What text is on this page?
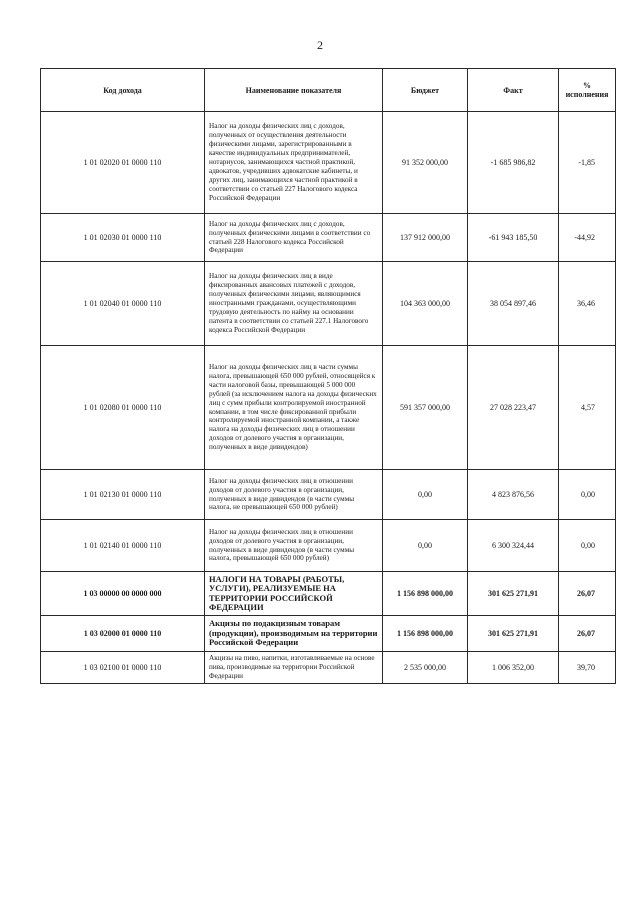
2
Код дохода	Наименование показателя	Бюджет	Факт	% исполнения
1 01 02020 01 0000 110	Налог на доходы физических лиц с доходов, полученных от осуществления деятельности физическими лицами, зарегистрированными в качестве индивидуальных предпринимателей, нотариусов, занимающихся частной практикой, адвокатов, учредивших адвокатские кабинеты, и других лиц, занимающихся частной практикой в соответствии со статьей 227 Налогового кодекса Российской Федерации	91 352 000,00	-1 685 986,82	-1,85
1 01 02030 01 0000 110	Налог на доходы физических лиц с доходов, полученных физическими лицами в соответствии со статьей 228 Налогового кодекса Российской Федерации	137 912 000,00	-61 943 185,50	-44,92
1 01 02040 01 0000 110	Налог на доходы физических лиц в виде фиксированных авансовых платежей с доходов, полученных физическими лицами, являющимися иностранными гражданами, осуществляющими трудовую деятельность по найму на основании патента в соответствии со статьей 227.1 Налогового кодекса Российской Федерации	104 363 000,00	38 054 897,46	36,46
1 01 02080 01 0000 110	Налог на доходы физических лиц в части суммы налога, превышающей 650 000 рублей, относящейся к части налоговой базы, превышающей 5 000 000 рублей (за исключением налога на доходы физических лиц с сумм прибыли контролируемой иностранной компании, в том числе фиксированной прибыли контролируемой иностранной компании, а также налога на доходы физических лиц в отношении доходов от долевого участия в организации, полученных в виде дивидендов)	591 357 000,00	27 028 223,47	4,57
1 01 02130 01 0000 110	Налог на доходы физических лиц в отношении доходов от долевого участия в организации, полученных в виде дивидендов (в части суммы налога, не превышающей 650 000 рублей)	0,00	4 823 876,56	0,00
1 01 02140 01 0000 110	Налог на доходы физических лиц в отношении доходов от долевого участия в организации, полученных в виде дивидендов (в части суммы налога, превышающей 650 000 рублей)	0,00	6 300 324,44	0,00
1 03 00000 00 0000 000	НАЛОГИ НА ТОВАРЫ (РАБОТЫ, УСЛУГИ), РЕАЛИЗУЕМЫЕ НА ТЕРРИТОРИИ РОССИЙСКОЙ ФЕДЕРАЦИИ	1 156 898 000,00	301 625 271,91	26,07
1 03 02000 01 0000 110	Акцизы по подакцизным товарам (продукции), производимым на территории Российской Федерации	1 156 898 000,00	301 625 271,91	26,07
1 03 02100 01 0000 110	Акцизы на пиво, напитки, изготавливаемые на основе пива, производимые на территории Российской Федерации	2 535 000,00	1 006 352,00	39,70
